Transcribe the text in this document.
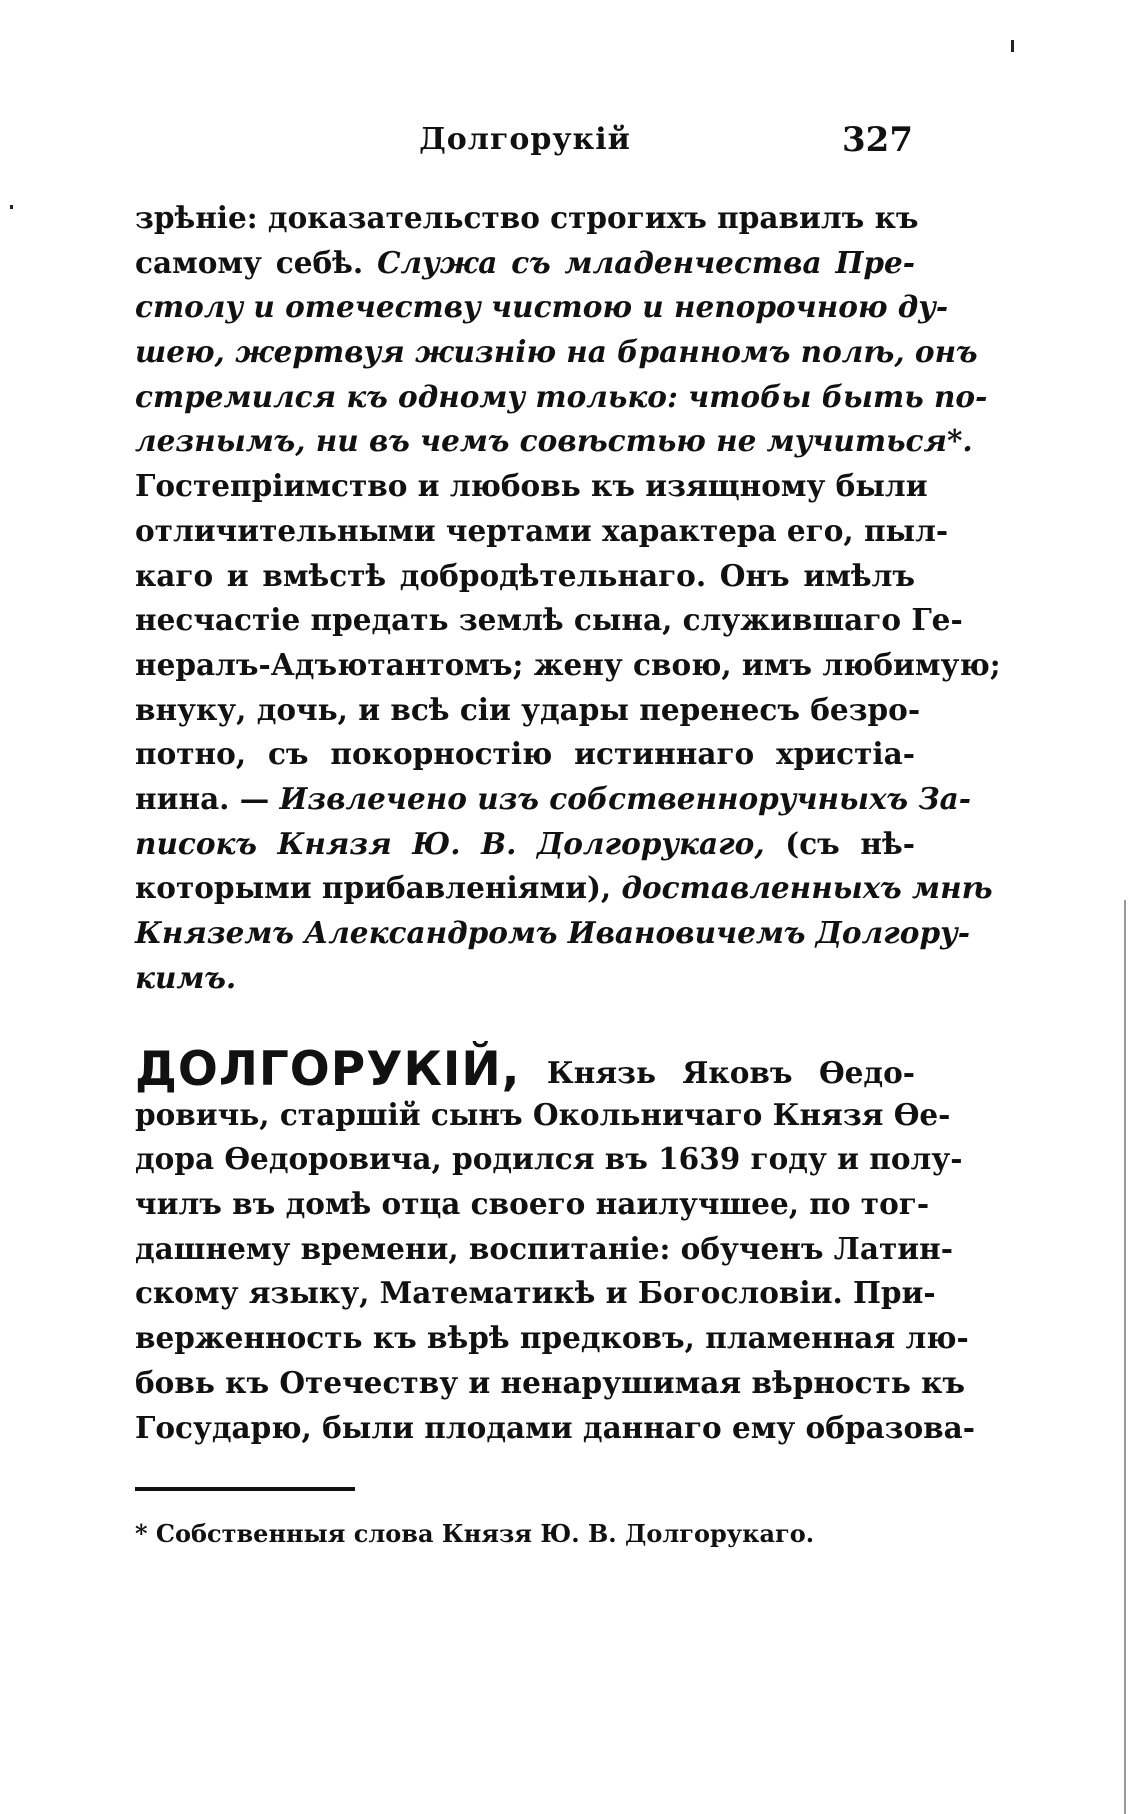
Долгорукій	327
зрѣніе: доказательство строгихъ правилъ къ
самому себѣ. Служа съ младенчества Пре-
столу и отечеству чистою и непорочною ду-
шею, жертвуя жизнію на бранномъ полѣ, онъ
стремился къ одному только: чтобы быть по-
лезнымъ, ни въ чемъ совѣстью не мучиться*.
Гостепріимство и любовь къ изящному были
отличительными чертами характера его, пыл-
каго и вмѣстѣ добродѣтельнаго. Онъ имѣлъ
несчастіе предать землѣ сына, служившаго Ге-
нералъ-Адъютантомъ; жену свою, имъ любимую;
внуку, дочь, и всѣ сіи удары перенесъ безро-
потно, съ покорностію истиннаго христіа-
нина. — Извлечено изъ собственноручныхъ За-
писокъ Князя Ю. В. Долгорукаго, (съ нѣ-
которыми прибавленіями), доставленныхъ мнѣ
Княземъ Александромъ Ивановичемъ Долгору-
кимъ.
ДОЛГОРУКІЙ, Князь Яковъ Ѳедо-
ровичь, старшій сынъ Окольничаго Князя Ѳе-
дора Ѳедоровича, родился въ 1639 году и полу-
чилъ въ домѣ отца своего наилучшее, по тог-
дашнему времени, воспитаніе: обученъ Латин-
скому языку, Математикѣ и Богословіи. При-
верженность къ вѣрѣ предковъ, пламенная лю-
бовь къ Отечеству и ненарушимая вѣрность къ
Государю, были плодами даннаго ему образова-
* Собственныя слова Князя Ю. В. Долгорукаго.
